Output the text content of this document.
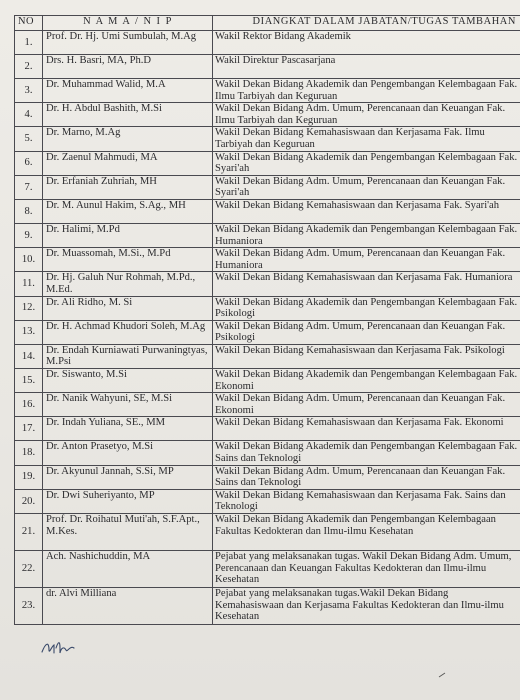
NO	N A M A / N I P	DIANGKAT DALAM JABATAN/TUGAS TAMBAHAN
1.	Prof. Dr. Hj. Umi Sumbulah, M.Ag	Wakil Rektor Bidang Akademik
2.	Drs. H. Basri, MA, Ph.D	Wakil Direktur Pascasarjana
3.	Dr. Muhammad Walid, M.A	Wakil Dekan Bidang Akademik dan Pengembangan Kelembagaan Fak. Ilmu Tarbiyah dan Keguruan
4.	Dr. H. Abdul Bashith, M.Si	Wakil Dekan Bidang Adm. Umum, Perencanaan dan Keuangan Fak. Ilmu Tarbiyah dan Keguruan
5.	Dr. Marno, M.Ag	Wakil Dekan Bidang Kemahasiswaan dan Kerjasama Fak. Ilmu Tarbiyah dan Keguruan
6.	Dr. Zaenul Mahmudi, MA	Wakil Dekan Bidang Akademik dan Pengembangan Kelembagaan Fak. Syari'ah
7.	Dr. Erfaniah Zuhriah, MH	Wakil Dekan Bidang Adm. Umum, Perencanaan dan Keuangan Fak. Syari'ah
8.	Dr. M. Aunul Hakim, S.Ag., MH	Wakil Dekan Bidang Kemahasiswaan dan Kerjasama Fak. Syari'ah
9.	Dr. Halimi, M.Pd	Wakil Dekan Bidang Akademik dan Pengembangan Kelembagaan Fak. Humaniora
10.	Dr. Muassomah, M.Si., M.Pd	Wakil Dekan Bidang Adm. Umum, Perencanaan dan Keuangan Fak. Humaniora
11.	Dr. Hj. Galuh Nur Rohmah, M.Pd., M.Ed.	Wakil Dekan Bidang Kemahasiswaan dan Kerjasama Fak. Humaniora
12.	Dr. Ali Ridho, M. Si	Wakil Dekan Bidang Akademik dan Pengembangan Kelembagaan Fak. Psikologi
13.	Dr. H. Achmad Khudori Soleh, M.Ag	Wakil Dekan Bidang Adm. Umum, Perencanaan dan Keuangan Fak. Psikologi
14.	Dr. Endah Kurniawati Purwaningtyas, M.Psi	Wakil Dekan Bidang Kemahasiswaan dan Kerjasama Fak. Psikologi
15.	Dr. Siswanto, M.Si	Wakil Dekan Bidang Akademik dan Pengembangan Kelembagaan Fak. Ekonomi
16.	Dr. Nanik Wahyuni, SE, M.Si	Wakil Dekan Bidang Adm. Umum, Perencanaan dan Keuangan Fak. Ekonomi
17.	Dr. Indah Yuliana, SE., MM	Wakil Dekan Bidang Kemahasiswaan dan Kerjasama Fak. Ekonomi
18.	Dr. Anton Prasetyo, M.Si	Wakil Dekan Bidang Akademik dan Pengembangan Kelembagaan Fak. Sains dan Teknologi
19.	Dr. Akyunul Jannah, S.Si, MP	Wakil Dekan Bidang Adm. Umum, Perencanaan dan Keuangan Fak. Sains dan Teknologi
20.	Dr. Dwi Suheriyanto, MP	Wakil Dekan Bidang Kemahasiswaan dan Kerjasama Fak. Sains dan Teknologi
21.	Prof. Dr. Roihatul Muti'ah, S.F.Apt., M.Kes.	Wakil Dekan Bidang Akademik dan Pengembangan Kelembagaan Fakultas Kedokteran dan Ilmu-ilmu Kesehatan
22.	Ach. Nashichuddin, MA	Pejabat yang melaksanakan tugas. Wakil Dekan Bidang Adm. Umum, Perencanaan dan Keuangan Fakultas Kedokteran dan Ilmu-ilmu Kesehatan
23.	dr. Alvi Milliana	Pejabat yang melaksanakan tugas.Wakil Dekan Bidang Kemahasiswaan dan Kerjasama Fakultas Kedokteran dan Ilmu-ilmu Kesehatan
